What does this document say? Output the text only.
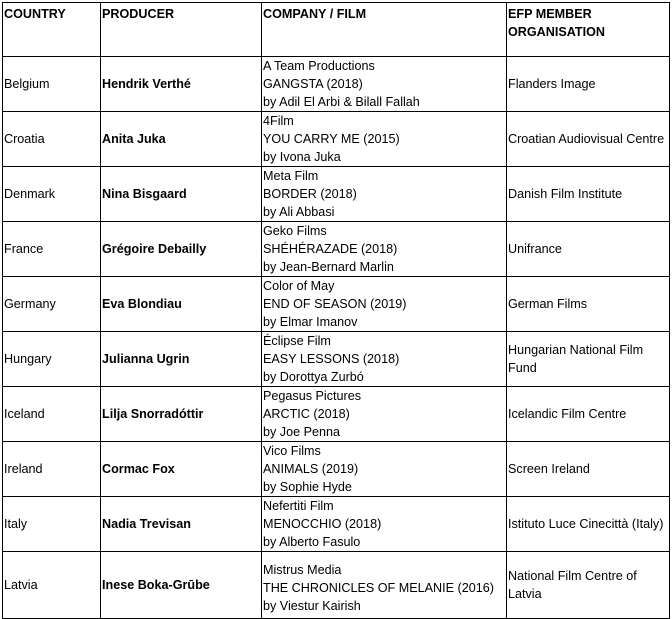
COUNTRY	PRODUCER	COMPANY / FILM	EFP MEMBER ORGANISATION
Belgium	Hendrik Verthé	A Team Productions
GANGSTA (2018)
by Adil El Arbi & Bilall Fallah	Flanders Image
Croatia	Anita Juka	4Film
YOU CARRY ME (2015)
by Ivona Juka	Croatian Audiovisual Centre
Denmark	Nina Bisgaard	Meta Film
BORDER (2018)
by Ali Abbasi	Danish Film Institute
France	Grégoire Debailly	Geko Films
SHÉHÉRAZADE (2018)
by Jean-Bernard Marlin	Unifrance
Germany	Eva Blondiau	Color of May
END OF SEASON (2019)
by Elmar Imanov	German Films
Hungary	Julianna Ugrin	Éclipse Film
EASY LESSONS (2018)
by Dorottya Zurbó	Hungarian National Film Fund
Iceland	Lilja Snorradóttir	Pegasus Pictures
ARCTIC (2018)
by Joe Penna	Icelandic Film Centre
Ireland	Cormac Fox	Vico Films
ANIMALS (2019)
by Sophie Hyde	Screen Ireland
Italy	Nadia Trevisan	Nefertiti Film
MENOCCHIO (2018)
by Alberto Fasulo	Istituto Luce Cinecittà (Italy)
Latvia	Inese Boka-Grūbe	Mistrus Media
THE CHRONICLES OF MELANIE (2016)
by Viestur Kairish	National Film Centre of Latvia
